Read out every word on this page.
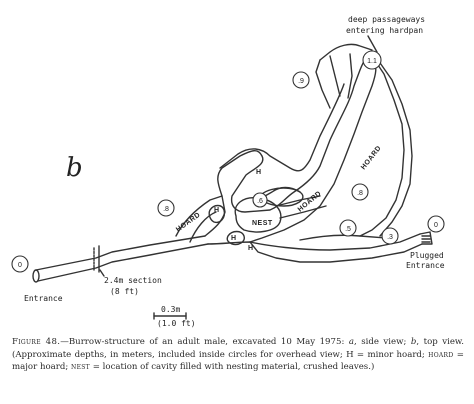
b
deep passageways
entering hardpan
HOARD
HOARD
HOARD	NEST
H
H
H
H
0
0
1.1
.9
.8
.8
.6
.5
.3
Plugged
Entrance
Entrance
2.4m section
(8 ft)
0.3m
(1.0 ft)
Figure 48.—Burrow-structure of an adult male, excavated 10 May 1975: a, side view; b, top view. (Approximate depths, in meters, included inside circles for overhead view; H = minor hoard; hoard = major hoard; nest = location of cavity filled with nesting material, crushed leaves.)
